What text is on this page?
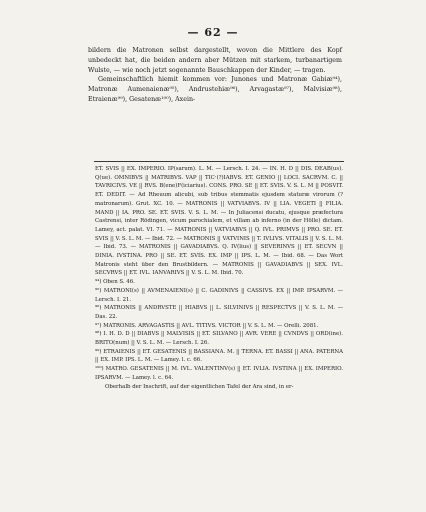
— 62 —

bildern die Matronen selbst dargestellt, wovon die Mittlere des Kopf unbedeckt hat, die beiden andern aber Mützen mit starkem, turbanartigem Wulste, — wie noch jetzt sogenannte Bauschkappen der Kinder, — tragen.

Gemeinschaftlich hiemit kommen vor: Junones und Matronæ Gabiæ⁹⁴), Matronæ Aumenaienæ⁹⁵), Andrustehiæ⁹⁶), Arvagastæ⁹⁷), Malvisiæ⁹⁸), Etraienæ⁹⁹), Gesatenæ¹⁰⁰), Axein-

ET. SVIS || EX. IMPERIO. IP(sarum). L. M. — Lersch. I. 24. — IN. H. D || DIS. DEAB(us). Q(ue). OMNIBVS || MATRIBVS. VAP || TIC·(?)IABVS. ET. GENIO || LOCI. SACRVM. C. || TAVRICIVS. VE || RVS. B(ene)F(iciarius). CONS. PRO. SE || ET. SVIS. V. S. L. M || POSVIT. ET. DEDIT. — Ad Rheuum alicubi, sub tribus stemmatis ejusdem staturæ virorum (? matronarum). Grut. XC. 10. — MATRONIS || VATVIABVS. IV || LIA. VEGETI || FILIA. MAND || IA. PRO. SE. ET. SVIS. V. S. L. M. — In Juliacensi ducatu, ejusque præfectura Castrensi, inter Rödingen, vicum parochialem, et villam ab inferno (in der Hölle) dictam. Lamey, act. palat. VI. 71. — MATRONIS || VATVIABVS || Q. IVL. PRIMVS || PRO. SE. ET. SVIS || V. S. L. M. — Ibid. 72. — MATRONIS || VATVINIS || T. IVLIVS. VITALIS || V. S. L. M. — Ibid. 73. — MATRONIS || GAVADIABVS. Q. IV(lius) || SEVERINVS || ET. SECVN || DINIA. IVSTINA. PRO || SE. ET. SVIS. EX. IMP || IPS. L. M. — Ibid. 68. — Das Wort Matronis steht über den Brustbildern. — MATRONIS || GAVADIABVS || SEX. IVL. SECVRVS || ET. IVL. IANVARIVS || V. S. L. M. Ibid. 70.

⁹⁴) Oben S. 46.

⁹⁵) MATRONI(s) || AVMENAIENI(s) || C. GADINIVS || CASSIVS. EX || IMP. IPSARVM. — Lersch. I. 21.

⁹⁶) MATRONIS || ANDRVSTE || HIABVS || L. SILVINIVS || RESPECTVS || V. S. L. M. — Das. 22.

⁹⁷) MATRONIS. ARVAGASTIS || AVL. TITIVS. VICTOR || V. S. L. M. — Orelli. 2081.

⁹⁸) I. H. D. D || DIABVS || MALVISIS || ET. SILVANO || AVR. VERE || CVNDVS || ORD(ine). BRITO(num) || V. S. L. M. — Lersch. I. 26.

⁹⁹) ETRAIENIS || ET. GESATENIS || BASSIANA. M. || TERNA. ET. BASSI || ANA. PATERNA || EX. IMP. IPS. L. M. — Lamey. l. c. 66.

¹⁰⁰) MATRO. GESATENIS || M. IVL. VALENTINV(s) || ET. IVLIA. IVSTINA || EX. IMPERIO. IPSARVM. — Lamey. l. c. 64.

Oberhalb der Inschrift, auf der eigentlichen Tafel der Ara sind, in er-
